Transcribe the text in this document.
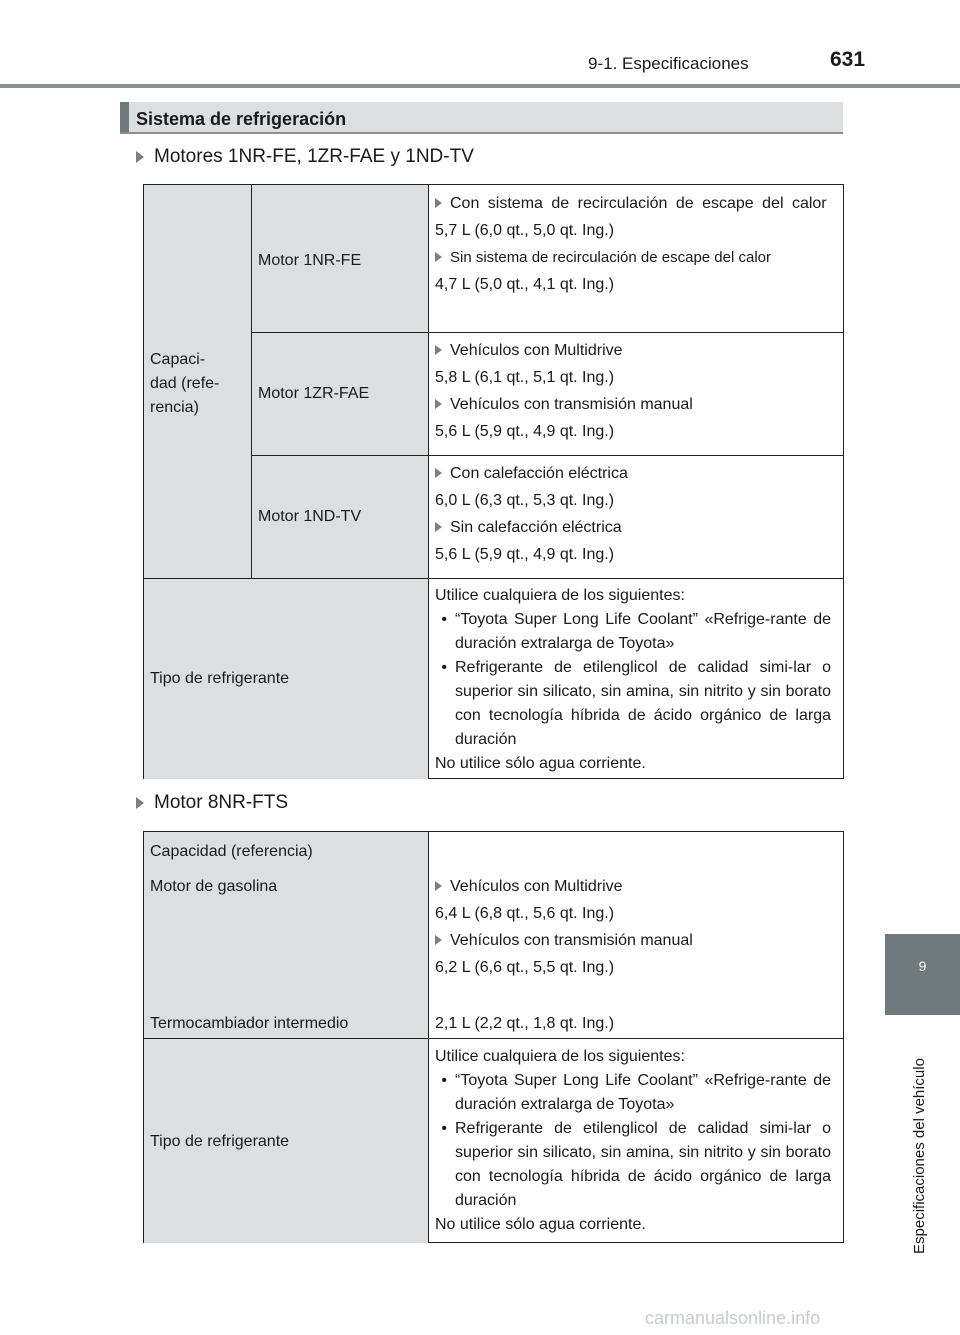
9-1. Especificaciones	631
Sistema de refrigeración
Motores 1NR-FE, 1ZR-FAE y 1ND-TV
Capaci-
dad (refe-
rencia)
Motor 1NR-FE
Motor 1ZR-FAE
Motor 1ND-TV
Con sistema de recirculación de escape del calor
5,7 L (6,0 qt., 5,0 qt. Ing.)
Sin sistema de recirculación de escape del calor
4,7 L (5,0 qt., 4,1 qt. Ing.)
Vehículos con Multidrive
5,8 L (6,1 qt., 5,1 qt. Ing.)
Vehículos con transmisión manual
5,6 L (5,9 qt., 4,9 qt. Ing.)
Con calefacción eléctrica
6,0 L (6,3 qt., 5,3 qt. Ing.)
Sin calefacción eléctrica
5,6 L (5,9 qt., 4,9 qt. Ing.)
Tipo de refrigerante
Utilice cualquiera de los siguientes:
• “Toyota Super Long Life Coolant” «Refrige-rante de duración extralarga de Toyota»
• Refrigerante de etilenglicol de calidad simi-lar o superior sin silicato, sin amina, sin nitrito y sin borato con tecnología híbrida de ácido orgánico de larga duración
No utilice sólo agua corriente.
Motor 8NR-FTS
Capacidad (referencia)
Motor de gasolina
Termocambiador intermedio
Vehículos con Multidrive
6,4 L (6,8 qt., 5,6 qt. Ing.)
Vehículos con transmisión manual
6,2 L (6,6 qt., 5,5 qt. Ing.)
2,1 L (2,2 qt., 1,8 qt. Ing.)
Tipo de refrigerante
Utilice cualquiera de los siguientes:
• “Toyota Super Long Life Coolant” «Refrige-rante de duración extralarga de Toyota»
• Refrigerante de etilenglicol de calidad simi-lar o superior sin silicato, sin amina, sin nitrito y sin borato con tecnología híbrida de ácido orgánico de larga duración
No utilice sólo agua corriente.
9
Especificaciones del vehículo
carmanualsonline.info
